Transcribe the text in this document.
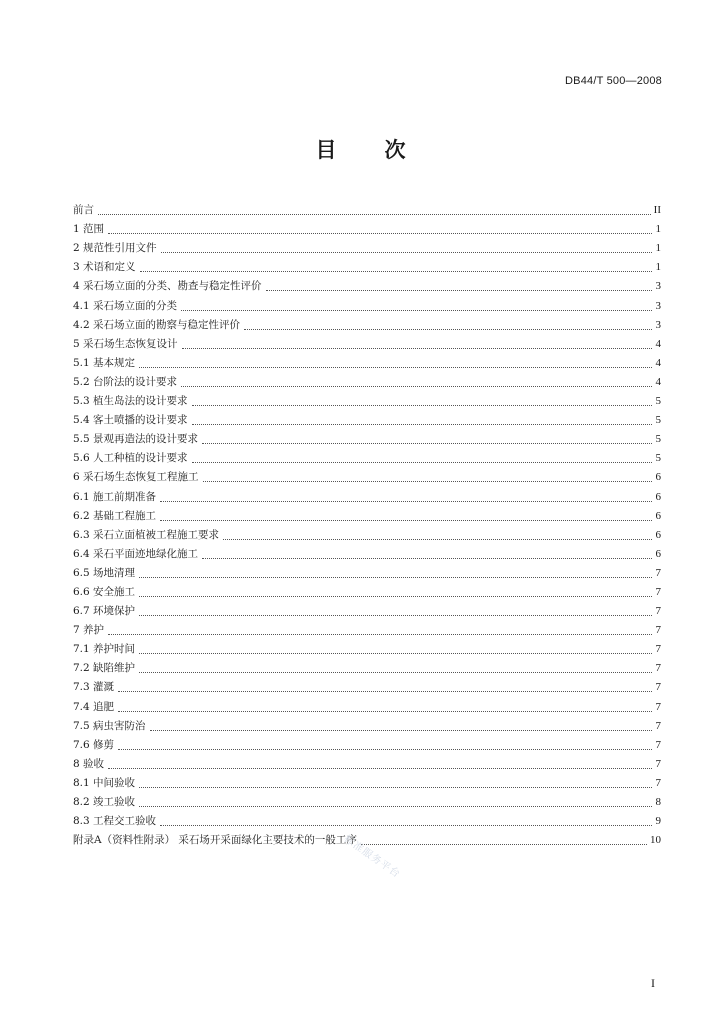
DB44/T 500—2008
目 次
前言	II
1 范围	1
2 规范性引用文件	1
3 术语和定义	1
4 采石场立面的分类、勘查与稳定性评价	3
4.1 采石场立面的分类	3
4.2 采石场立面的勘察与稳定性评价	3
5 采石场生态恢复设计	4
5.1 基本规定	4
5.2 台阶法的设计要求	4
5.3 植生岛法的设计要求	5
5.4 客土喷播的设计要求	5
5.5 景观再造法的设计要求	5
5.6 人工种植的设计要求	5
6 采石场生态恢复工程施工	6
6.1 施工前期准备	6
6.2 基础工程施工	6
6.3 采石立面植被工程施工要求	6
6.4 采石平面迹地绿化施工	6
6.5 场地清理	7
6.6 安全施工	7
6.7 环境保护	7
7 养护	7
7.1 养护时间	7
7.2 缺陷维护	7
7.3 灌溉	7
7.4 追肥	7
7.5 病虫害防治	7
7.6 修剪	7
8 验收	7
8.1 中间验收	7
8.2 竣工验收	8
8.3 工程交工验收	9
附录A（资料性附录） 采石场开采面绿化主要技术的一般工序	10
标准服务平台
I
